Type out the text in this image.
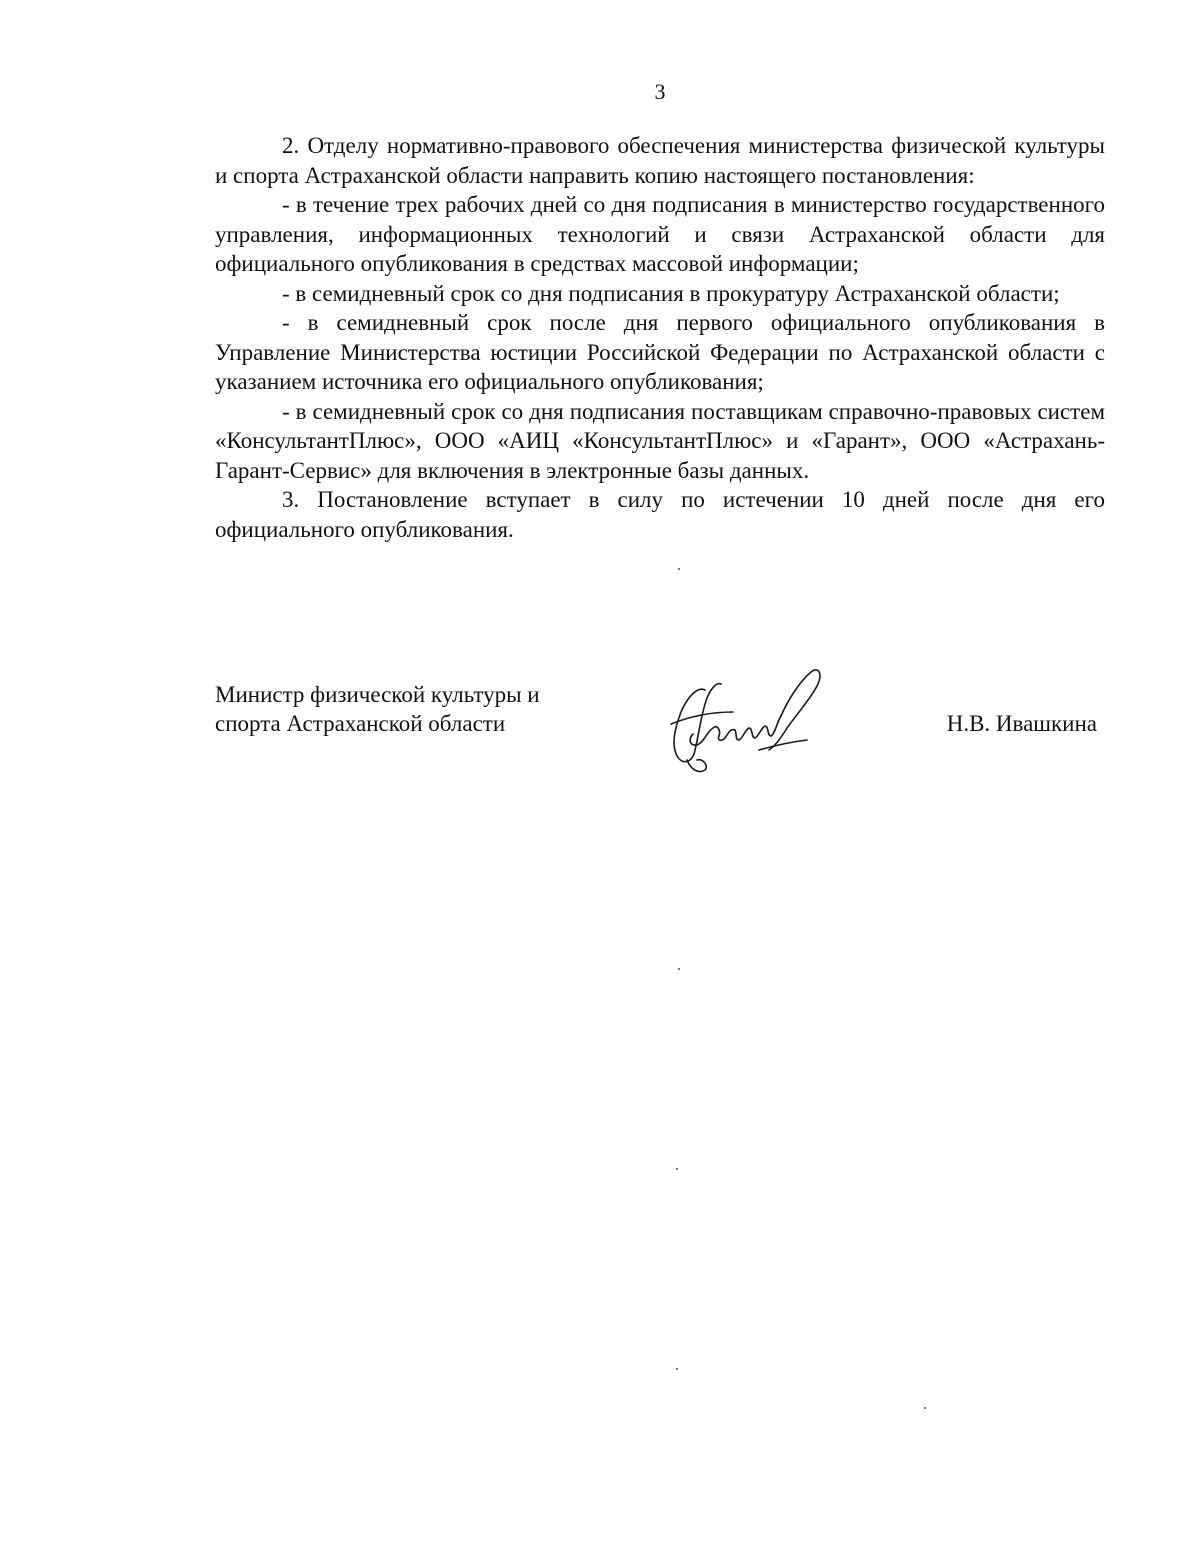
3

2. Отделу нормативно-правового обеспечения министерства физической культуры и спорта Астраханской области направить копию настоящего постановления:

- в течение трех рабочих дней со дня подписания в министерство государственного управления, информационных технологий и связи Астраханской области для официального опубликования в средствах массовой информации;

- в семидневный срок со дня подписания в прокуратуру Астраханской области;

- в семидневный срок после дня первого официального опубликования в Управление Министерства юстиции Российской Федерации по Астраханской области с указанием источника его официального опубликования;

- в семидневный срок со дня подписания поставщикам справочно-правовых систем «КонсультантПлюс», ООО «АИЦ «КонсультантПлюс» и «Гарант», ООО «Астрахань-Гарант-Сервис» для включения в электронные базы данных.

3. Постановление вступает в силу по истечении 10 дней после дня его официального опубликования.

Министр физической культуры и
спорта Астраханской области	Н.В. Ивашкина
